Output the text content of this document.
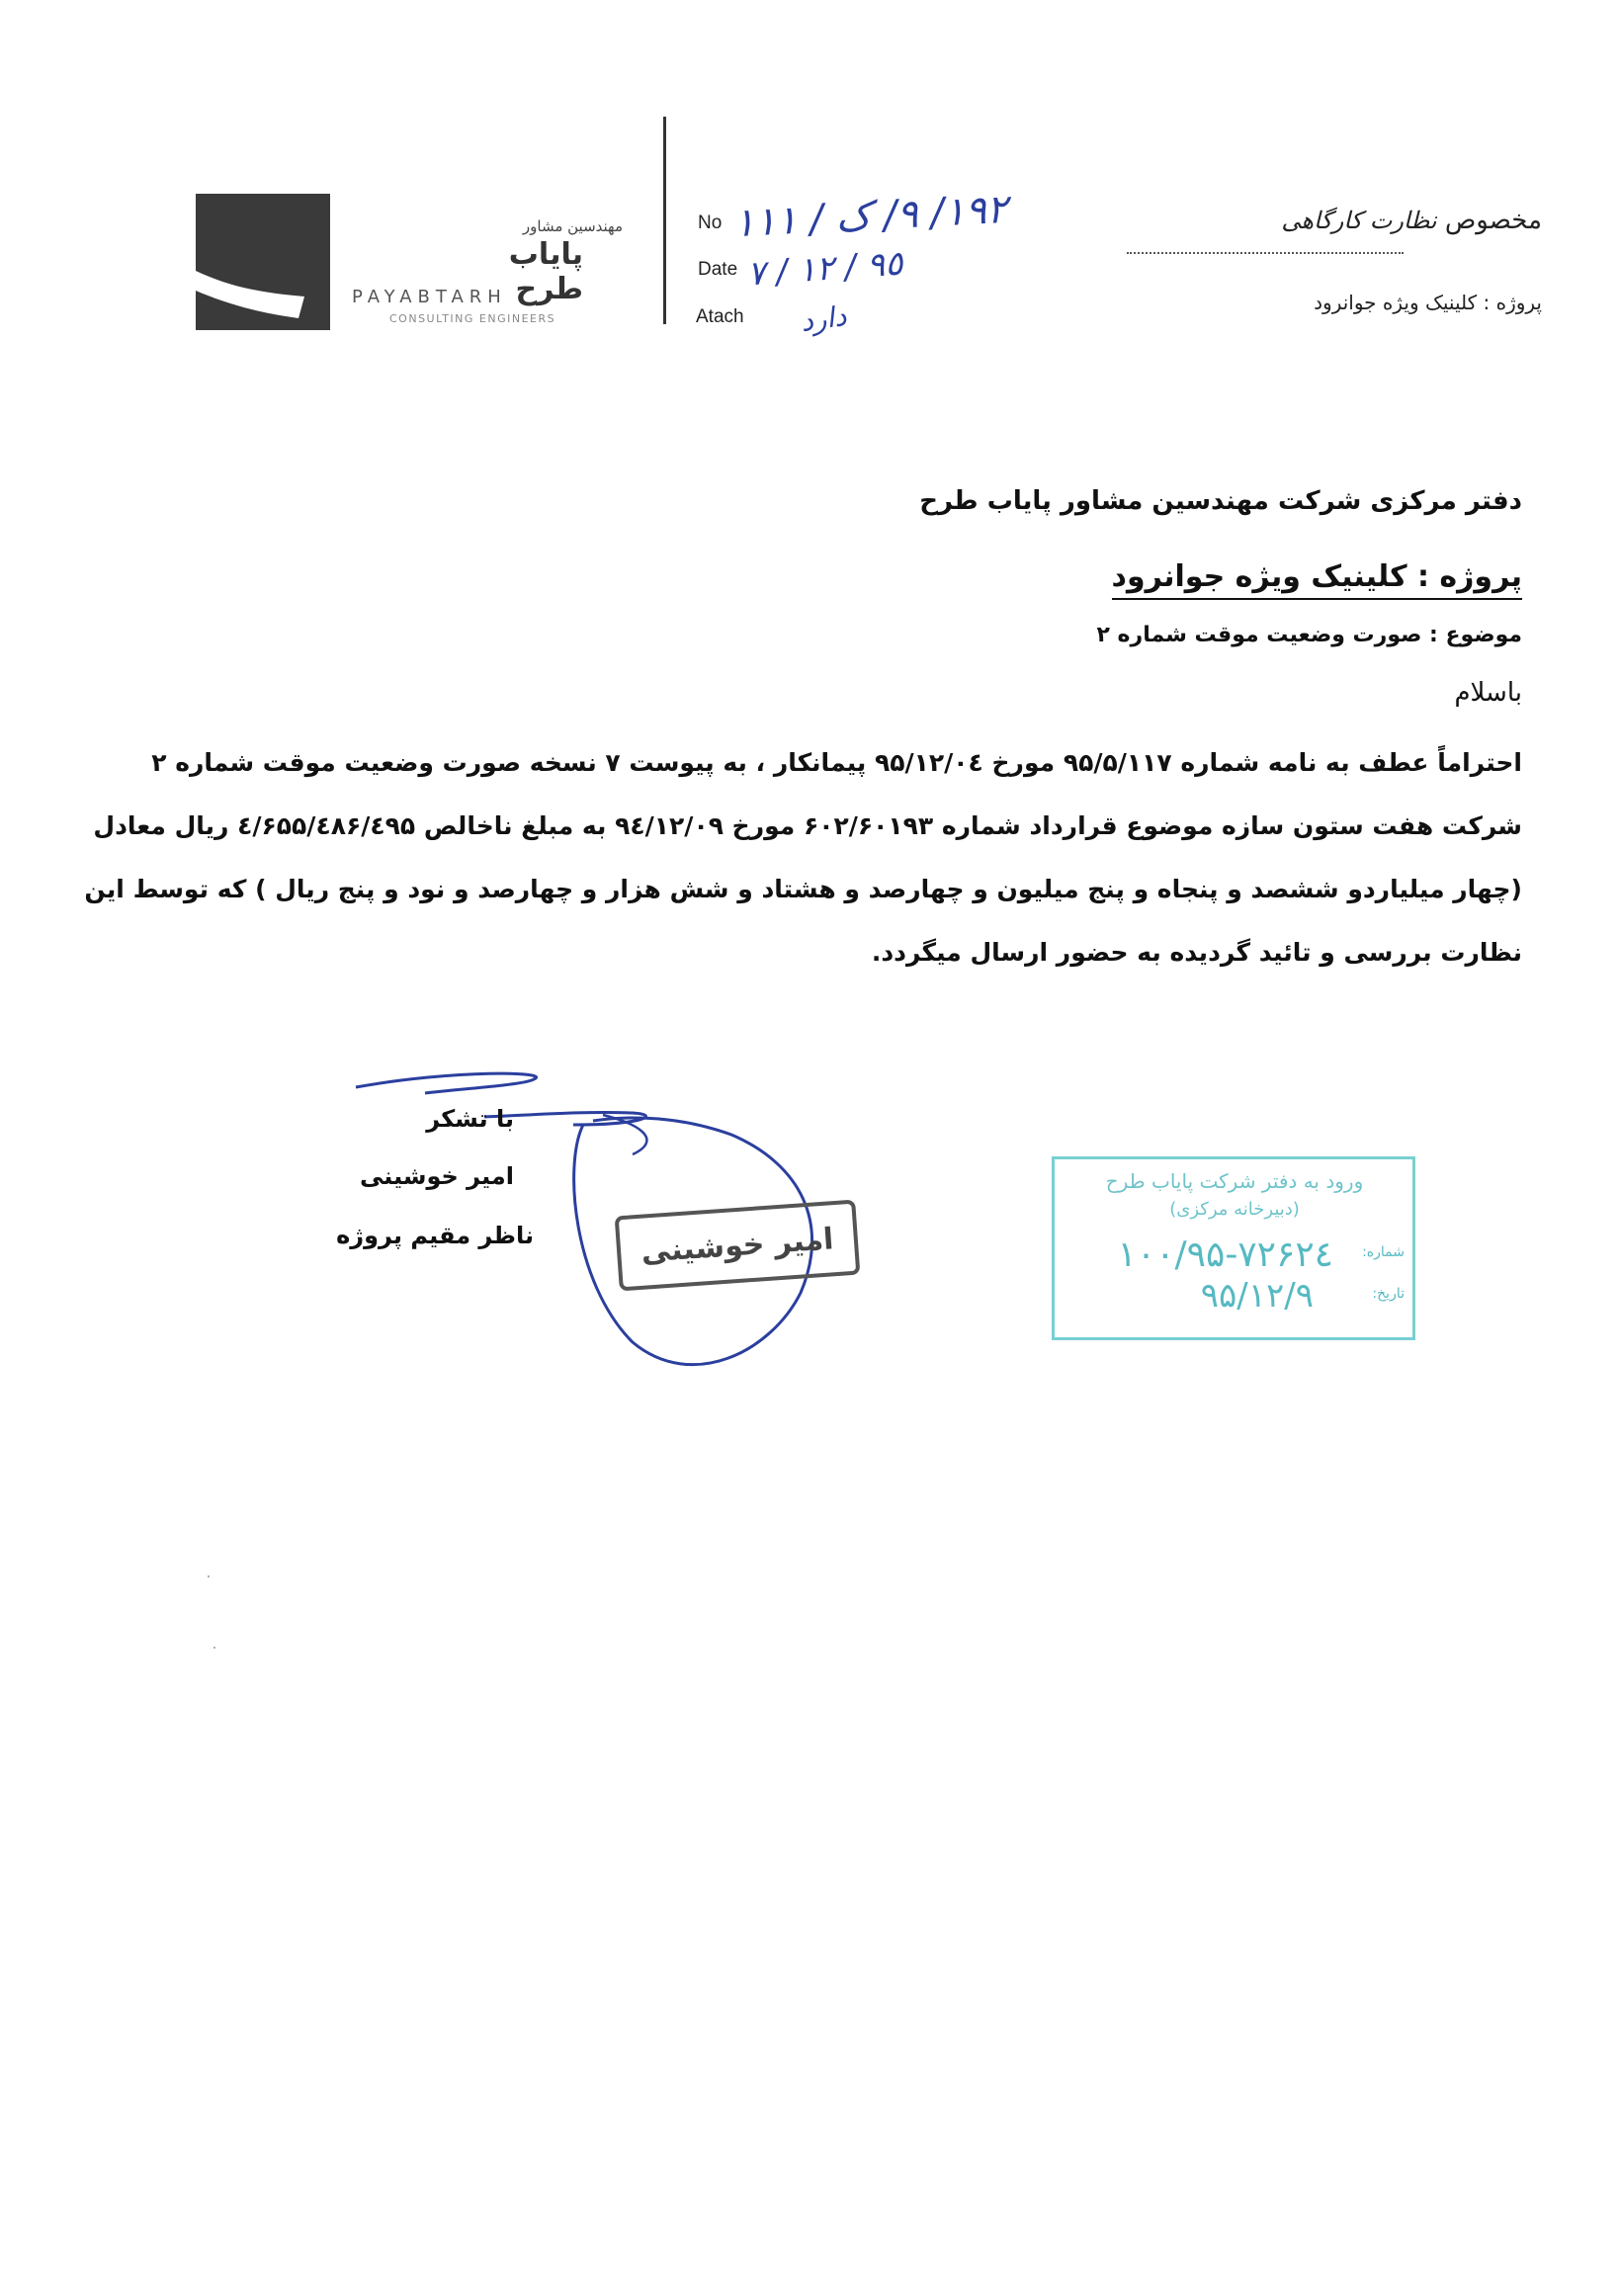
مهندسین مشاور
پایاب طرح
PAYABTARH
CONSULTING ENGINEERS
No
Date
Atach
١٩٢/ ٩/ ک / ١١١
٩٥ / ١٢ / ٧
دارد
مخصوص نظارت کارگاهی
پروژه : کلینیک ویژه جوانرود
دفتر مرکزی شرکت مهندسین مشاور پایاب طرح
پروژه : کلینیک ویژه جوانرود
موضوع : صورت وضعیت موقت شماره ۲
باسلام
احتراماً عطف به نامه شماره ۹۵/۵/۱۱۷ مورخ ۹۵/۱۲/۰٤ پیمانکار ، به پیوست ۷ نسخه صورت وضعیت موقت شماره ۲
شرکت هفت ستون سازه موضوع قرارداد شماره ۶۰۲/۶۰۱۹۳ مورخ ۹٤/۱۲/۰۹ به مبلغ ناخالص ٤/۶۵۵/٤۸۶/٤۹۵ ریال معادل
(چهار میلیاردو ششصد و پنجاه و پنج میلیون و چهارصد و هشتاد و شش هزار و چهارصد و نود و پنج ریال ) که توسط این
نظارت بررسی و تائید گردیده به حضور ارسال میگردد.
با تشکر
امیر خوشینی
ناظر مقیم پروژه	امیر خوشینی
ورود به دفتر شرکت پایاب طرح
(دبیرخانه مرکزی)
شماره:
تاریخ:
۱۰۰/۹۵-۷۲۶۲٤
۹۵/۱۲/۹
